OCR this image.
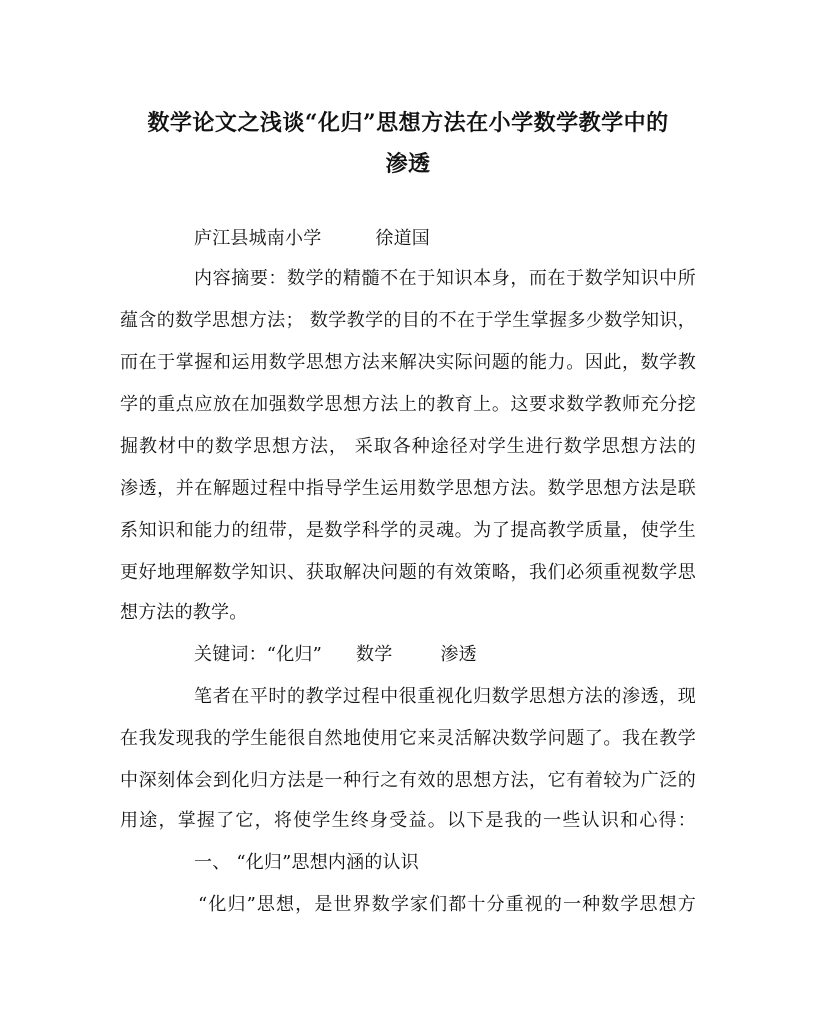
数学论文之浅谈“化归”思想方法在小学数学教学中的
渗透
庐江县城南小学	徐道国
内容摘要：数学的精髓不在于知识本身，而在于数学知识中所
蕴含的数学思想方法； 数学教学的目的不在于学生掌握多少数学知识，
而在于掌握和运用数学思想方法来解决实际问题的能力。因此，数学教
学的重点应放在加强数学思想方法上的教育上。这要求数学教师充分挖
掘教材中的数学思想方法， 采取各种途径对学生进行数学思想方法的
渗透，并在解题过程中指导学生运用数学思想方法。数学思想方法是联
系知识和能力的纽带，是数学科学的灵魂。为了提高教学质量，使学生
更好地理解数学知识、获取解决问题的有效策略，我们必须重视数学思
想方法的教学。
关键词：“化归” 数学	渗透
笔者在平时的教学过程中很重视化归数学思想方法的渗透，现
在我发现我的学生能很自然地使用它来灵活解决数学问题了。我在教学
中深刻体会到化归方法是一种行之有效的思想方法，它有着较为广泛的
用途，掌握了它，将使学生终身受益。以下是我的一些认识和心得：
一、 “化归”思想内涵的认识
“化归”思想，是世界数学家们都十分重视的一种数学思想方
